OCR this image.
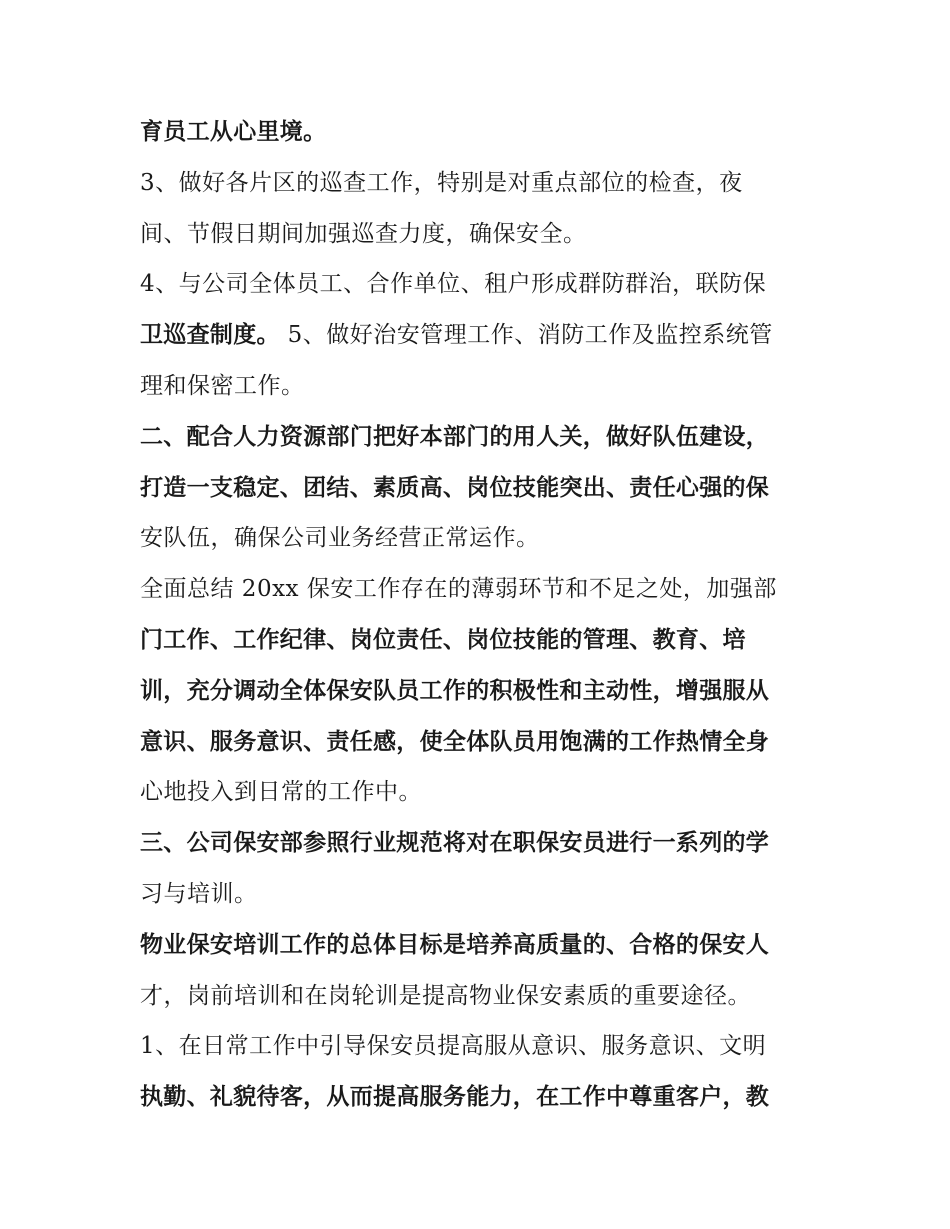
育员工从心里境。
3、做好各片区的巡查工作，特别是对重点部位的检查，夜
间、节假日期间加强巡查力度，确保安全。
4、与公司全体员工、合作单位、租户形成群防群治，联防保
卫巡查制度。 5、做好治安管理工作、消防工作及监控系统管
理和保密工作。
二、配合人力资源部门把好本部门的用人关，做好队伍建设，
打造一支稳定、团结、素质高、岗位技能突出、责任心强的保
安队伍，确保公司业务经营正常运作。
全面总结 20xx 保安工作存在的薄弱环节和不足之处，加强部
门工作、工作纪律、岗位责任、岗位技能的管理、教育、培
训，充分调动全体保安队员工作的积极性和主动性，增强服从
意识、服务意识、责任感，使全体队员用饱满的工作热情全身
心地投入到日常的工作中。
三、公司保安部参照行业规范将对在职保安员进行一系列的学
习与培训。
物业保安培训工作的总体目标是培养高质量的、合格的保安人
才，岗前培训和在岗轮训是提高物业保安素质的重要途径。
1、在日常工作中引导保安员提高服从意识、服务意识、文明
执勤、礼貌待客，从而提高服务能力，在工作中尊重客户，教
